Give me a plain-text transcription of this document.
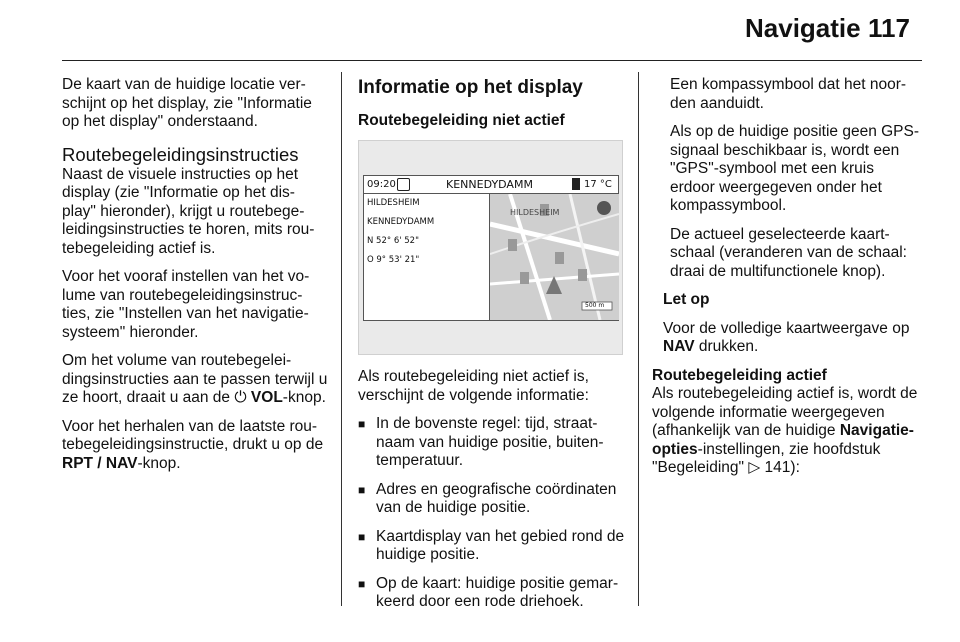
Navigatie 117

De kaart van de huidige locatie ver-schijnt op het display, zie "Informatie op het display" onderstaand.

Routebegeleidingsinstructies

Naast de visuele instructies op het display (zie "Informatie op het dis-play" hieronder), krijgt u routebege-leidingsinstructies te horen, mits rou-tebegeleiding actief is.

Voor het vooraf instellen van het vo-lume van routebegeleidingsinstruc-ties, zie "Instellen van het navigatie-systeem" hieronder.

Om het volume van routebegelei-dingsinstructies aan te passen terwijl u ze hoort, draait u aan de ⏻ VOL-knop.

Voor het herhalen van de laatste rou-tebegeleidingsinstructie, drukt u op de RPT / NAV-knop.

Informatie op het display
Routebegeleiding niet actief
09:20	KENNEDYDAMM	17 °C
HILDESHEIM
KENNEDYDAMM
N 52° 6' 52"
O 9° 53' 21"
HILDESHEIM
500 m

Als routebegeleiding niet actief is, verschijnt de volgende informatie:

■ In de bovenste regel: tijd, straat-naam van huidige positie, buiten-temperatuur.
■ Adres en geografische coördinaten van de huidige positie.
■ Kaartdisplay van het gebied rond de huidige positie.
■ Op de kaart: huidige positie gemar-keerd door een rode driehoek.

Een kompassymbool dat het noor-den aanduidt.

Als op de huidige positie geen GPS-signaal beschikbaar is, wordt een "GPS"-symbool met een kruis erdoor weergegeven onder het kompassymbool.

De actueel geselecteerde kaart-schaal (veranderen van de schaal: draai de multifunctionele knop).

Let op

Voor de volledige kaartweergave op NAV drukken.

Routebegeleiding actief

Als routebegeleiding actief is, wordt de volgende informatie weergegeven (afhankelijk van de huidige Navigatie-opties-instellingen, zie hoofdstuk "Begeleiding" ▷ 141):
